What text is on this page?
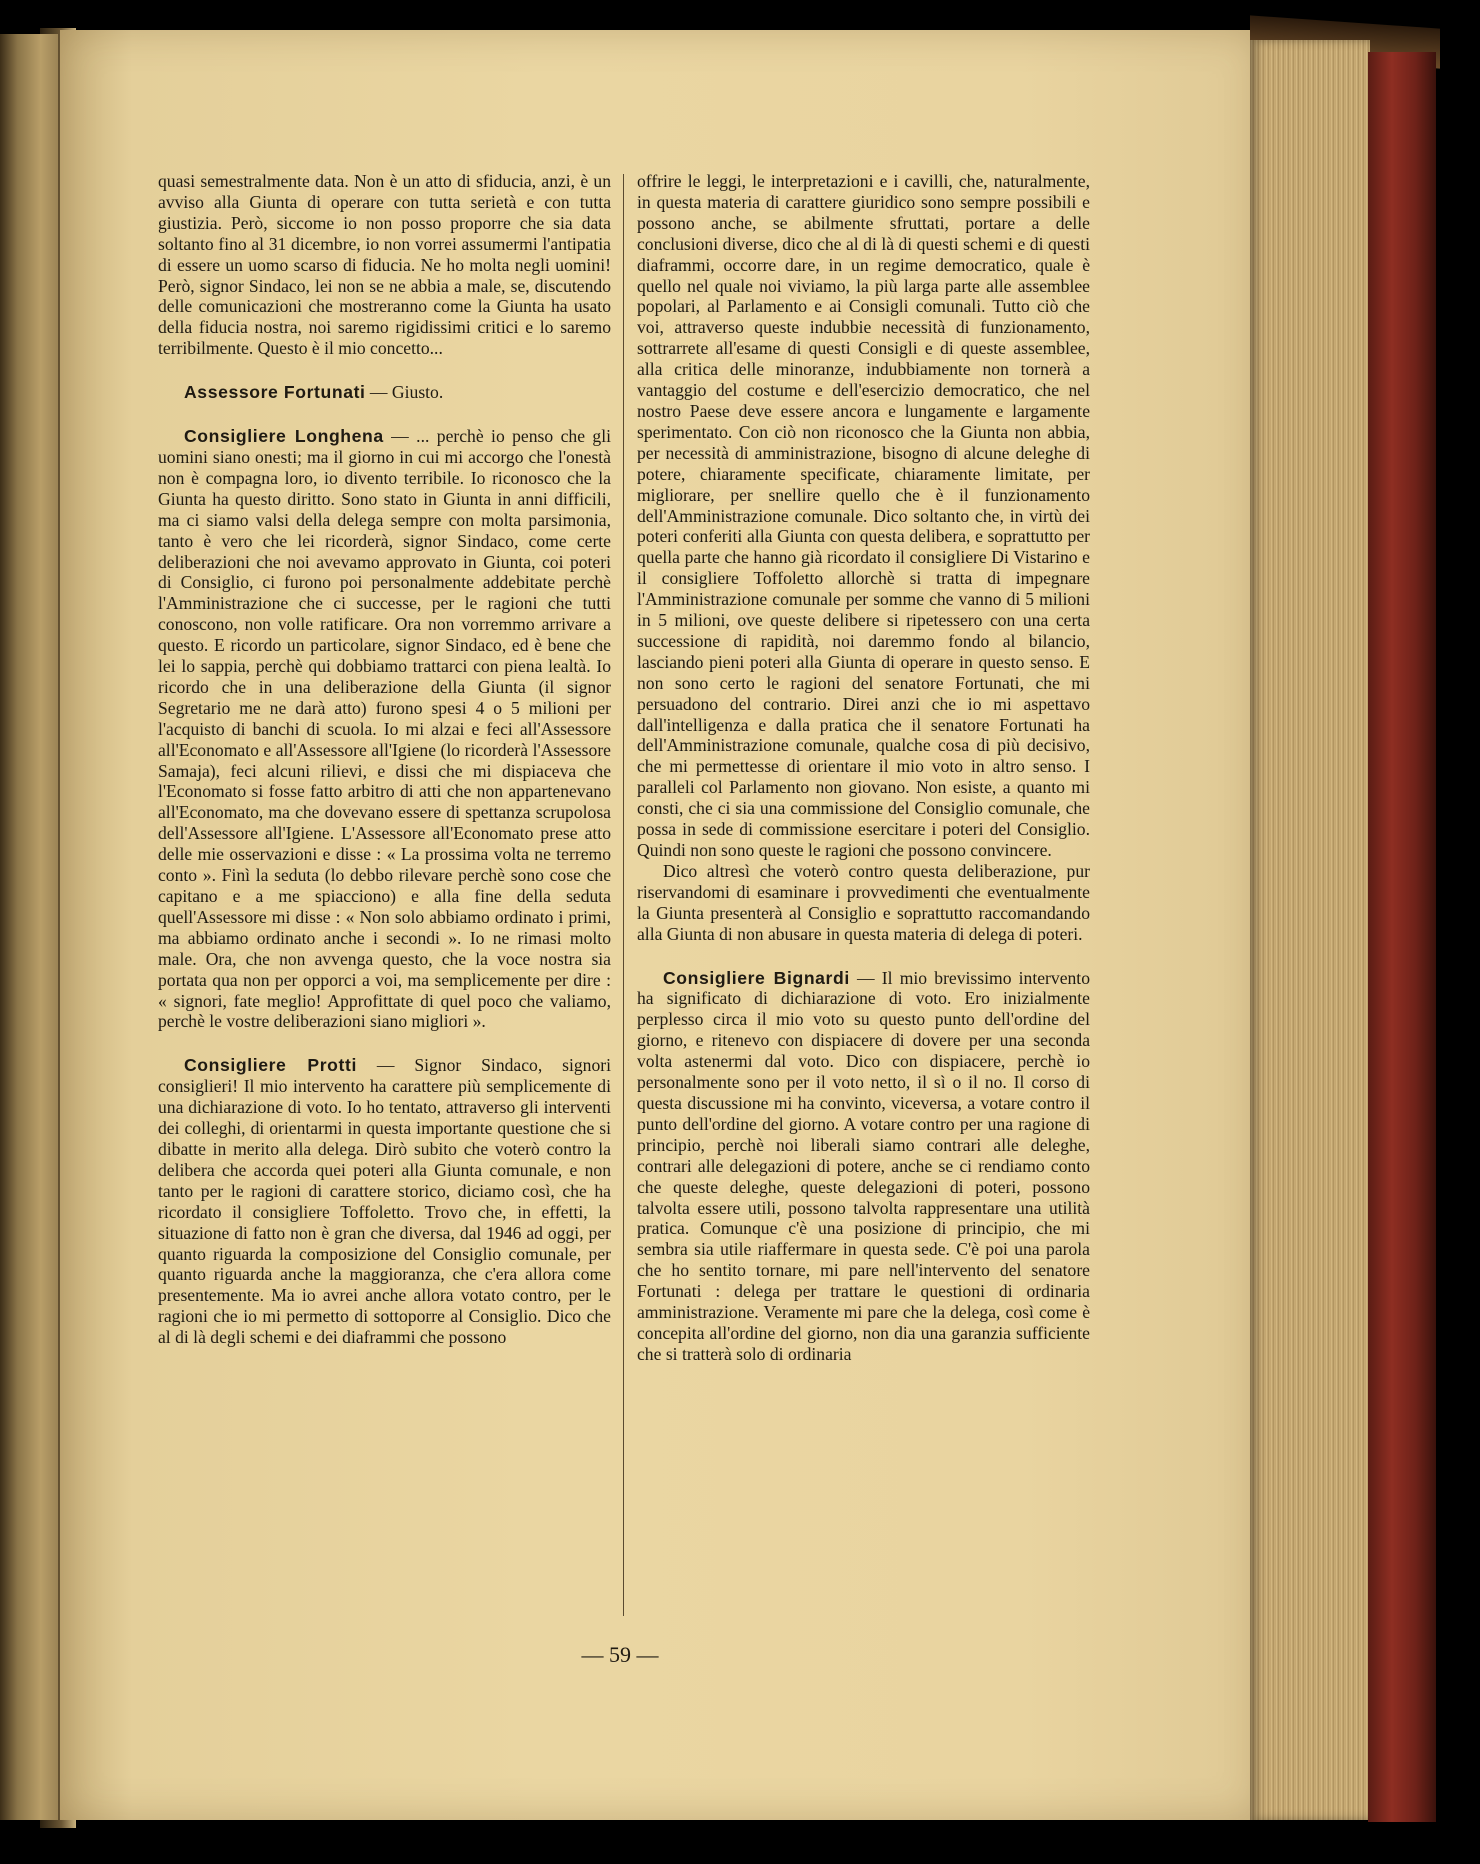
quasi semestralmente data. Non è un atto di sfiducia, anzi, è un avviso alla Giunta di operare con tutta serietà e con tutta giustizia. Però, siccome io non posso proporre che sia data soltanto fino al 31 dicembre, io non vorrei assumermi l'antipatia di essere un uomo scarso di fiducia. Ne ho molta negli uomini! Però, signor Sindaco, lei non se ne abbia a male, se, discutendo delle comunicazioni che mostreranno come la Giunta ha usato della fiducia nostra, noi saremo rigidissimi critici e lo saremo terribilmente. Questo è il mio concetto...

Assessore Fortunati — Giusto.

Consigliere Longhena — ... perchè io penso che gli uomini siano onesti; ma il giorno in cui mi accorgo che l'onestà non è compagna loro, io divento terribile. Io riconosco che la Giunta ha questo diritto. Sono stato in Giunta in anni difficili, ma ci siamo valsi della delega sempre con molta parsimonia, tanto è vero che lei ricorderà, signor Sindaco, come certe deliberazioni che noi avevamo approvato in Giunta, coi poteri di Consiglio, ci furono poi personalmente addebitate perchè l'Amministrazione che ci successe, per le ragioni che tutti conoscono, non volle ratificare. Ora non vorremmo arrivare a questo. E ricordo un particolare, signor Sindaco, ed è bene che lei lo sappia, perchè qui dobbiamo trattarci con piena lealtà. Io ricordo che in una deliberazione della Giunta (il signor Segretario me ne darà atto) furono spesi 4 o 5 milioni per l'acquisto di banchi di scuola. Io mi alzai e feci all'Assessore all'Economato e all'Assessore all'Igiene (lo ricorderà l'Assessore Samaja), feci alcuni rilievi, e dissi che mi dispiaceva che l'Economato si fosse fatto arbitro di atti che non appartenevano all'Economato, ma che dovevano essere di spettanza scrupolosa dell'Assessore all'Igiene. L'Assessore all'Economato prese atto delle mie osservazioni e disse : « La prossima volta ne terremo conto ». Finì la seduta (lo debbo rilevare perchè sono cose che capitano e a me spiacciono) e alla fine della seduta quell'Assessore mi disse : « Non solo abbiamo ordinato i primi, ma abbiamo ordinato anche i secondi ». Io ne rimasi molto male. Ora, che non avvenga questo, che la voce nostra sia portata qua non per opporci a voi, ma semplicemente per dire : « signori, fate meglio! Approfittate di quel poco che valiamo, perchè le vostre deliberazioni siano migliori ».

Consigliere Protti — Signor Sindaco, signori consiglieri! Il mio intervento ha carattere più semplicemente di una dichiarazione di voto. Io ho tentato, attraverso gli interventi dei colleghi, di orientarmi in questa importante questione che si dibatte in merito alla delega. Dirò subito che voterò contro la delibera che accorda quei poteri alla Giunta comunale, e non tanto per le ragioni di carattere storico, diciamo così, che ha ricordato il consigliere Toffoletto. Trovo che, in effetti, la situazione di fatto non è gran che diversa, dal 1946 ad oggi, per quanto riguarda la composizione del Consiglio comunale, per quanto riguarda anche la maggioranza, che c'era allora come presentemente. Ma io avrei anche allora votato contro, per le ragioni che io mi permetto di sottoporre al Consiglio. Dico che al di là degli schemi e dei diaframmi che possono

offrire le leggi, le interpretazioni e i cavilli, che, naturalmente, in questa materia di carattere giuridico sono sempre possibili e possono anche, se abilmente sfruttati, portare a delle conclusioni diverse, dico che al di là di questi schemi e di questi diaframmi, occorre dare, in un regime democratico, quale è quello nel quale noi viviamo, la più larga parte alle assemblee popolari, al Parlamento e ai Consigli comunali. Tutto ciò che voi, attraverso queste indubbie necessità di funzionamento, sottrarrete all'esame di questi Consigli e di queste assemblee, alla critica delle minoranze, indubbiamente non tornerà a vantaggio del costume e dell'esercizio democratico, che nel nostro Paese deve essere ancora e lungamente e largamente sperimentato. Con ciò non riconosco che la Giunta non abbia, per necessità di amministrazione, bisogno di alcune deleghe di potere, chiaramente specificate, chiaramente limitate, per migliorare, per snellire quello che è il funzionamento dell'Amministrazione comunale. Dico soltanto che, in virtù dei poteri conferiti alla Giunta con questa delibera, e soprattutto per quella parte che hanno già ricordato il consigliere Di Vistarino e il consigliere Toffoletto allorchè si tratta di impegnare l'Amministrazione comunale per somme che vanno di 5 milioni in 5 milioni, ove queste delibere si ripetessero con una certa successione di rapidità, noi daremmo fondo al bilancio, lasciando pieni poteri alla Giunta di operare in questo senso. E non sono certo le ragioni del senatore Fortunati, che mi persuadono del contrario. Direi anzi che io mi aspettavo dall'intelligenza e dalla pratica che il senatore Fortunati ha dell'Amministrazione comunale, qualche cosa di più decisivo, che mi permettesse di orientare il mio voto in altro senso. I paralleli col Parlamento non giovano. Non esiste, a quanto mi consti, che ci sia una commissione del Consiglio comunale, che possa in sede di commissione esercitare i poteri del Consiglio. Quindi non sono queste le ragioni che possono convincere.

Dico altresì che voterò contro questa deliberazione, pur riservandomi di esaminare i provvedimenti che eventualmente la Giunta presenterà al Consiglio e soprattutto raccomandando alla Giunta di non abusare in questa materia di delega di poteri.

Consigliere Bignardi — Il mio brevissimo intervento ha significato di dichiarazione di voto. Ero inizialmente perplesso circa il mio voto su questo punto dell'ordine del giorno, e ritenevo con dispiacere di dovere per una seconda volta astenermi dal voto. Dico con dispiacere, perchè io personalmente sono per il voto netto, il sì o il no. Il corso di questa discussione mi ha convinto, viceversa, a votare contro il punto dell'ordine del giorno. A votare contro per una ragione di principio, perchè noi liberali siamo contrari alle deleghe, contrari alle delegazioni di potere, anche se ci rendiamo conto che queste deleghe, queste delegazioni di poteri, possono talvolta essere utili, possono talvolta rappresentare una utilità pratica. Comunque c'è una posizione di principio, che mi sembra sia utile riaffermare in questa sede. C'è poi una parola che ho sentito tornare, mi pare nell'intervento del senatore Fortunati : delega per trattare le questioni di ordinaria amministrazione. Veramente mi pare che la delega, così come è concepita all'ordine del giorno, non dia una garanzia sufficiente che si tratterà solo di ordinaria

— 59 —
